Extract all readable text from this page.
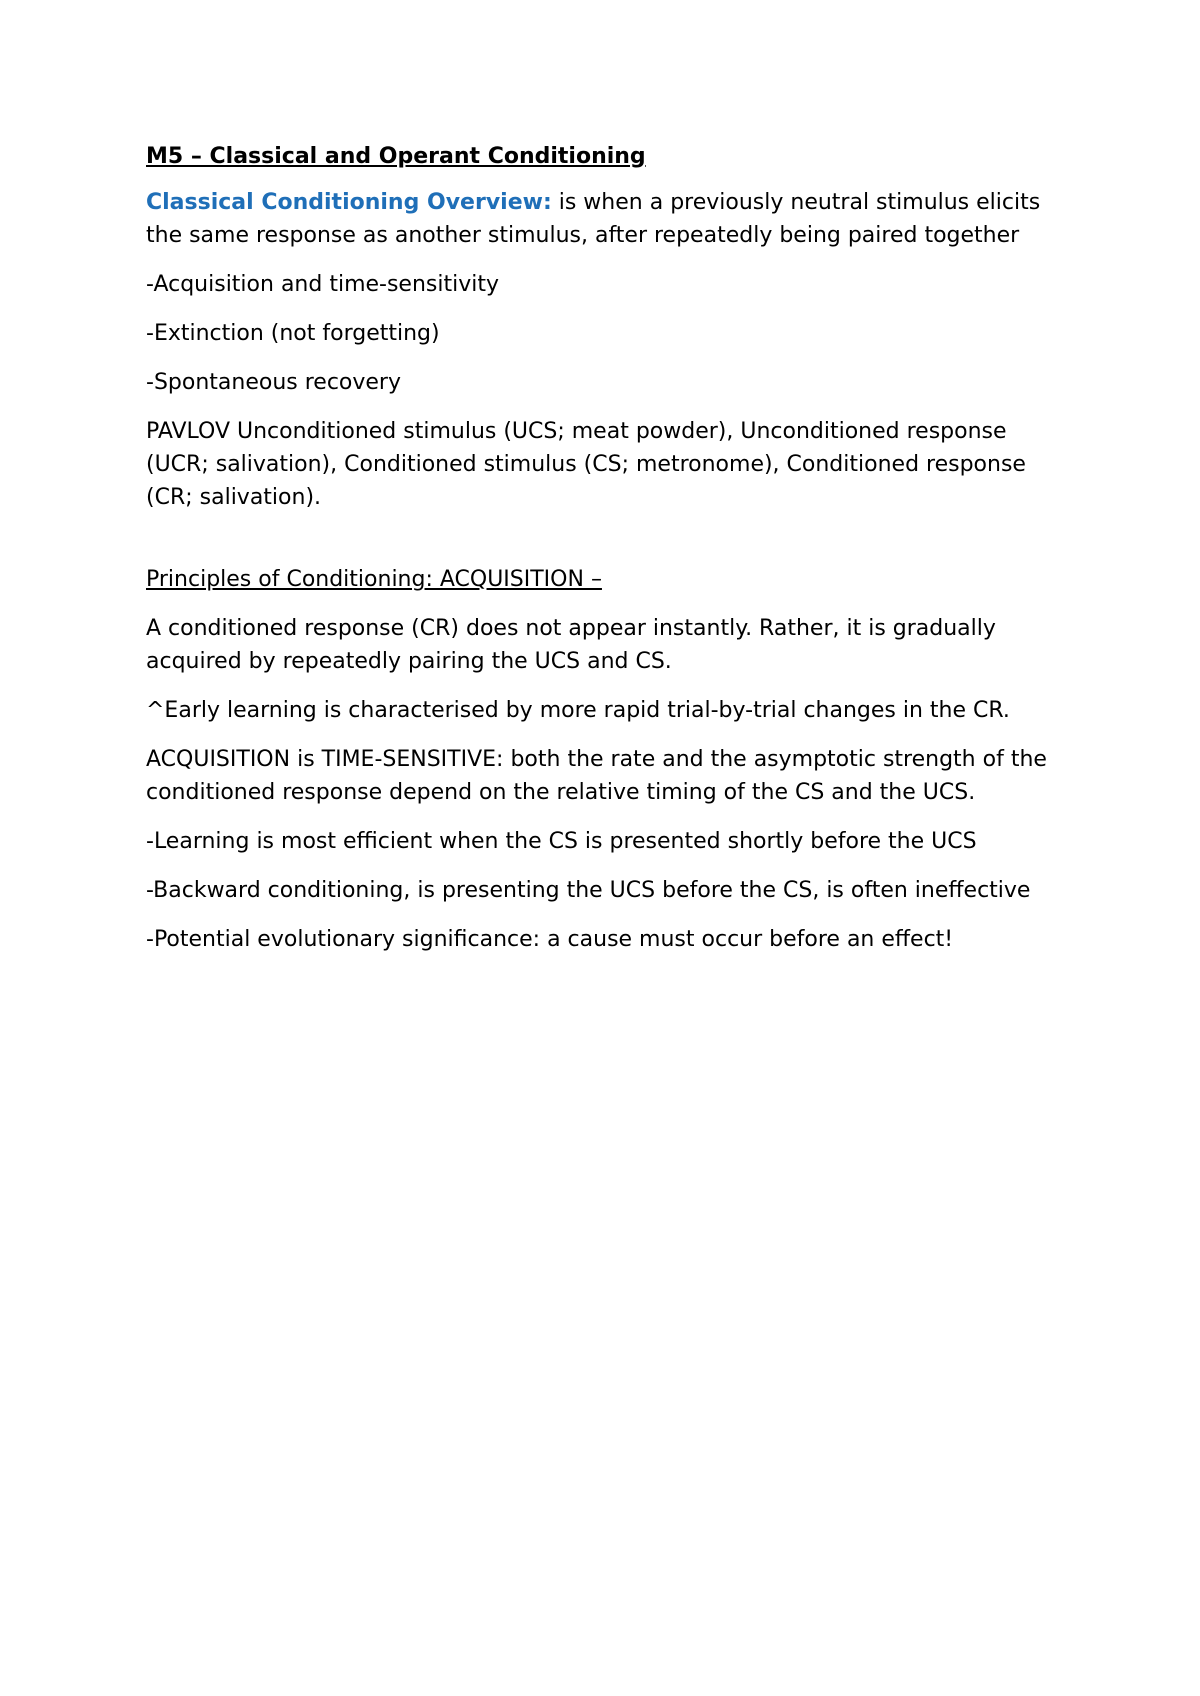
M5 – Classical and Operant Conditioning

Classical Conditioning Overview: is when a previously neutral stimulus elicits the same response as another stimulus, after repeatedly being paired together

-Acquisition and time-sensitivity

-Extinction (not forgetting)

-Spontaneous recovery

PAVLOV Unconditioned stimulus (UCS; meat powder), Unconditioned response (UCR; salivation), Conditioned stimulus (CS; metronome), Conditioned response (CR; salivation).

Principles of Conditioning: ACQUISITION –

A conditioned response (CR) does not appear instantly. Rather, it is gradually acquired by repeatedly pairing the UCS and CS.

^Early learning is characterised by more rapid trial-by-trial changes in the CR.

ACQUISITION is TIME-SENSITIVE: both the rate and the asymptotic strength of the conditioned response depend on the relative timing of the CS and the UCS.

-Learning is most efficient when the CS is presented shortly before the UCS

-Backward conditioning, is presenting the UCS before the CS, is often ineffective

-Potential evolutionary significance: a cause must occur before an effect!
